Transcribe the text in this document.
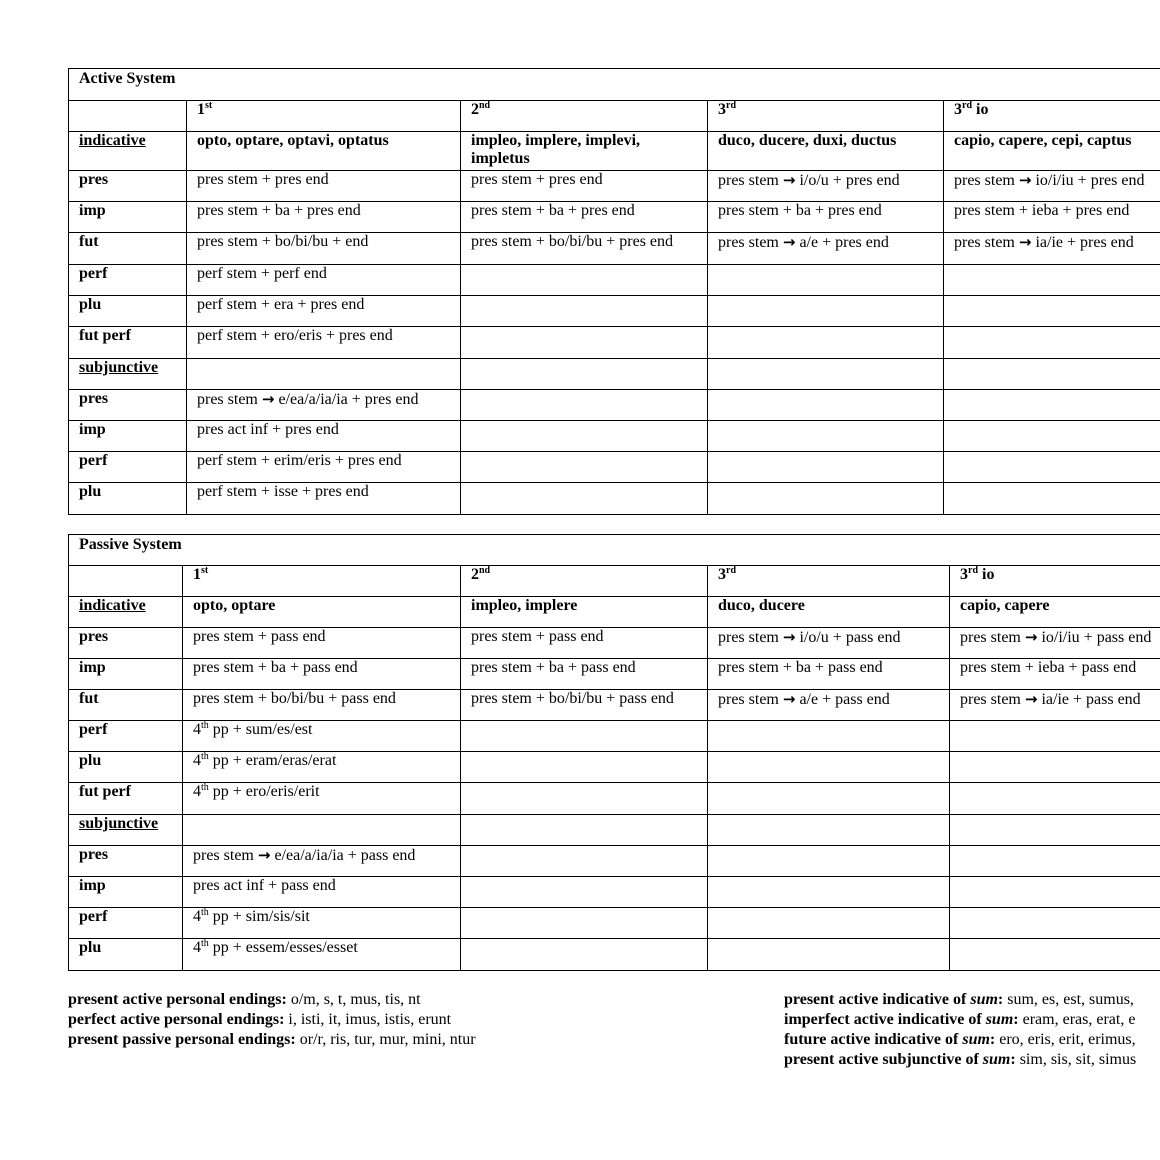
Active System				
	1st	2nd	3rd	3rd io
indicative	opto, optare, optavi, optatus	impleo, implere, implevi, impletus	duco, ducere, duxi, ductus	capio, capere, cepi, captus
pres	pres stem + pres end	pres stem + pres end	pres stem → i/o/u + pres end	pres stem → io/i/iu + pres end
imp	pres stem + ba + pres end	pres stem + ba + pres end	pres stem + ba + pres end	pres stem + ieba + pres end
fut	pres stem + bo/bi/bu + end	pres stem + bo/bi/bu + pres end	pres stem → a/e + pres end	pres stem → ia/ie + pres end
perf	perf stem + perf end			
plu	perf stem + era + pres end			
fut perf	perf stem + ero/eris + pres end			
subjunctive				
pres	pres stem → e/ea/a/ia/ia + pres end			
imp	pres act inf + pres end			
perf	perf stem + erim/eris + pres end			
plu	perf stem + isse + pres end			
Passive System				
	1st	2nd	3rd	3rd io
indicative	opto, optare	impleo, implere	duco, ducere	capio, capere
pres	pres stem + pass end	pres stem + pass end	pres stem → i/o/u + pass end	pres stem → io/i/iu + pass end
imp	pres stem + ba + pass end	pres stem + ba + pass end	pres stem + ba + pass end	pres stem + ieba + pass end
fut	pres stem + bo/bi/bu + pass end	pres stem + bo/bi/bu + pass end	pres stem → a/e + pass end	pres stem → ia/ie + pass end
perf	4th pp + sum/es/est			
plu	4th pp + eram/eras/erat			
fut perf	4th pp + ero/eris/erit			
subjunctive				
pres	pres stem → e/ea/a/ia/ia + pass end			
imp	pres act inf + pass end			
perf	4th pp + sim/sis/sit			
plu	4th pp + essem/esses/esset			
present active personal endings: o/m, s, t, mus, tis, nt
perfect active personal endings: i, isti, it, imus, istis, erunt
present passive personal endings: or/r, ris, tur, mur, mini, ntur
present active indicative of sum: sum, es, est, sumus,
imperfect active indicative of sum: eram, eras, erat, e
future active indicative of sum: ero, eris, erit, erimus,
present active subjunctive of sum: sim, sis, sit, simus
